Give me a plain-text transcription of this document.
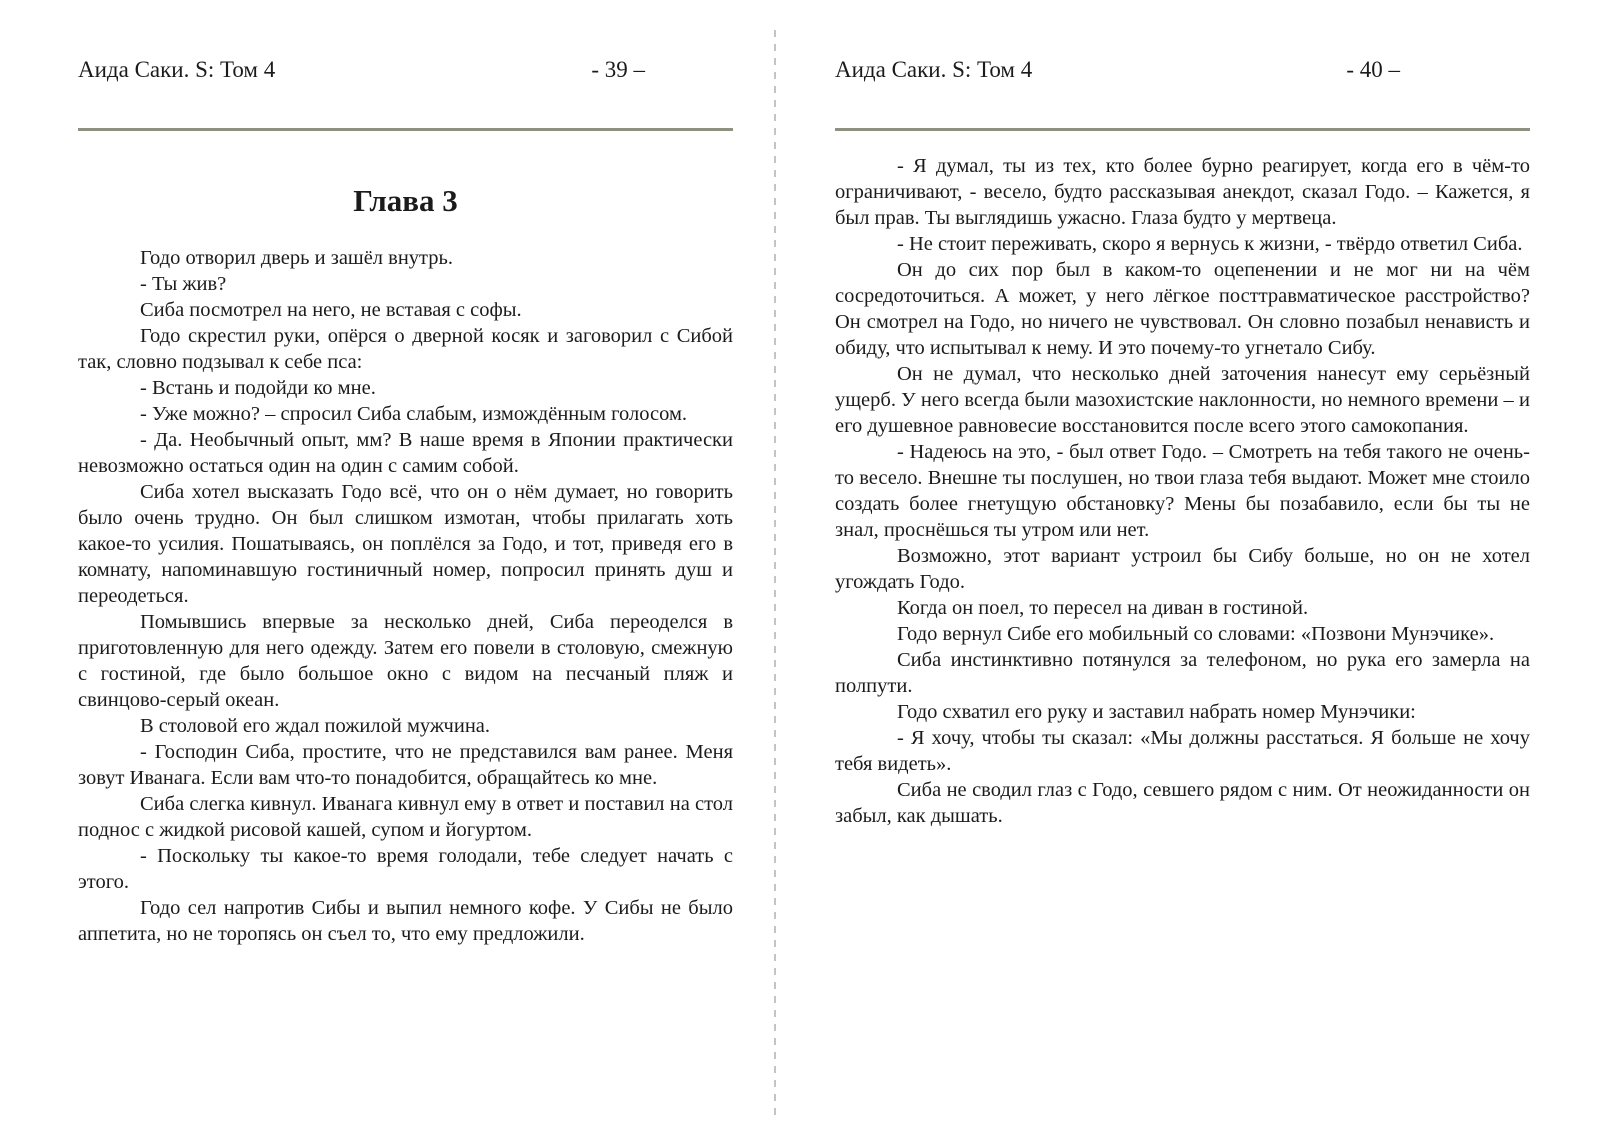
Аида Саки. S: Том 4	- 39 –
Глава 3

Годо отворил дверь и зашёл внутрь.

- Ты жив?

Сиба посмотрел на него, не вставая с софы.

Годо скрестил руки, опёрся о дверной косяк и заговорил с Сибой так, словно подзывал к себе пса:

- Встань и подойди ко мне.

- Уже можно? – спросил Сиба слабым, измождённым голосом.

- Да. Необычный опыт, мм? В наше время в Японии практически невозможно остаться один на один с самим собой.

Сиба хотел высказать Годо всё, что он о нём думает, но говорить было очень трудно. Он был слишком измотан, чтобы прилагать хоть какое-то усилия. Пошатываясь, он поплёлся за Годо, и тот, приведя его в комнату, напоминавшую гостиничный номер, попросил принять душ и переодеться.

Помывшись впервые за несколько дней, Сиба переоделся в приготовленную для него одежду. Затем его повели в столовую, смежную с гостиной, где было большое окно с видом на песчаный пляж и свинцово-серый океан.

В столовой его ждал пожилой мужчина.

- Господин Сиба, простите, что не представился вам ранее. Меня зовут Иванага. Если вам что-то понадобится, обращайтесь ко мне.

Сиба слегка кивнул. Иванага кивнул ему в ответ и поставил на стол поднос с жидкой рисовой кашей, супом и йогуртом.

- Поскольку ты какое-то время голодали, тебе следует начать с этого.

Годо сел напротив Сибы и выпил немного кофе. У Сибы не было аппетита, но не торопясь он съел то, что ему предложили.

Аида Саки. S: Том 4	- 40 –

- Я думал, ты из тех, кто более бурно реагирует, когда его в чём-то ограничивают, - весело, будто рассказывая анекдот, сказал Годо. – Кажется, я был прав. Ты выглядишь ужасно. Глаза будто у мертвеца.

- Не стоит переживать, скоро я вернусь к жизни, - твёрдо ответил Сиба.

Он до сих пор был в каком-то оцепенении и не мог ни на чём сосредоточиться. А может, у него лёгкое посттравматическое расстройство? Он смотрел на Годо, но ничего не чувствовал. Он словно позабыл ненависть и обиду, что испытывал к нему. И это почему-то угнетало Сибу.

Он не думал, что несколько дней заточения нанесут ему серьёзный ущерб. У него всегда были мазохистские наклонности, но немного времени – и его душевное равновесие восстановится после всего этого самокопания.

- Надеюсь на это, - был ответ Годо. – Смотреть на тебя такого не очень-то весело. Внешне ты послушен, но твои глаза тебя выдают. Может мне стоило создать более гнетущую обстановку? Мены бы позабавило, если бы ты не знал, проснёшься ты утром или нет.

Возможно, этот вариант устроил бы Сибу больше, но он не хотел угождать Годо.

Когда он поел, то пересел на диван в гостиной.

Годо вернул Сибе его мобильный со словами: «Позвони Мунэчике».

Сиба инстинктивно потянулся за телефоном, но рука его замерла на полпути.

Годо схватил его руку и заставил набрать номер Мунэчики:

- Я хочу, чтобы ты сказал: «Мы должны расстаться. Я больше не хочу тебя видеть».

Сиба не сводил глаз с Годо, севшего рядом с ним. От неожиданности он забыл, как дышать.
